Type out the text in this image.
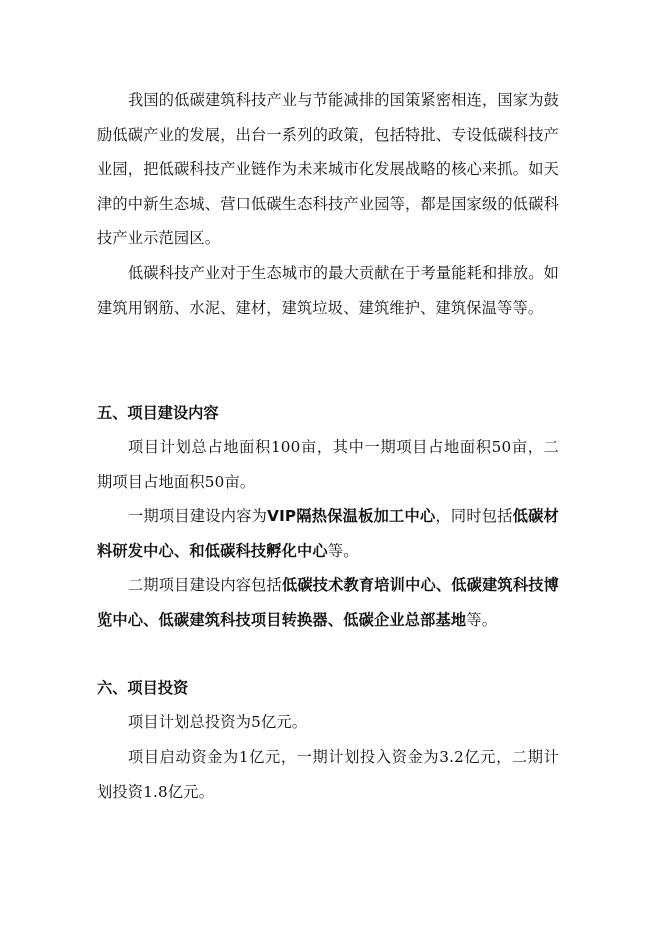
我国的低碳建筑科技产业与节能减排的国策紧密相连，国家为鼓励低碳产业的发展，出台一系列的政策，包括特批、专设低碳科技产业园，把低碳科技产业链作为未来城市化发展战略的核心来抓。如天津的中新生态城、营口低碳生态科技产业园等，都是国家级的低碳科技产业示范园区。

低碳科技产业对于生态城市的最大贡献在于考量能耗和排放。如建筑用钢筋、水泥、建材，建筑垃圾、建筑维护、建筑保温等等。

五、项目建设内容

项目计划总占地面积100亩，其中一期项目占地面积50亩，二期项目占地面积50亩。

一期项目建设内容为VIP隔热保温板加工中心，同时包括低碳材料研发中心、和低碳科技孵化中心等。

二期项目建设内容包括低碳技术教育培训中心、低碳建筑科技博览中心、低碳建筑科技项目转换器、低碳企业总部基地等。

六、项目投资

项目计划总投资为5亿元。

项目启动资金为1亿元，一期计划投入资金为3.2亿元，二期计划投资1.8亿元。
